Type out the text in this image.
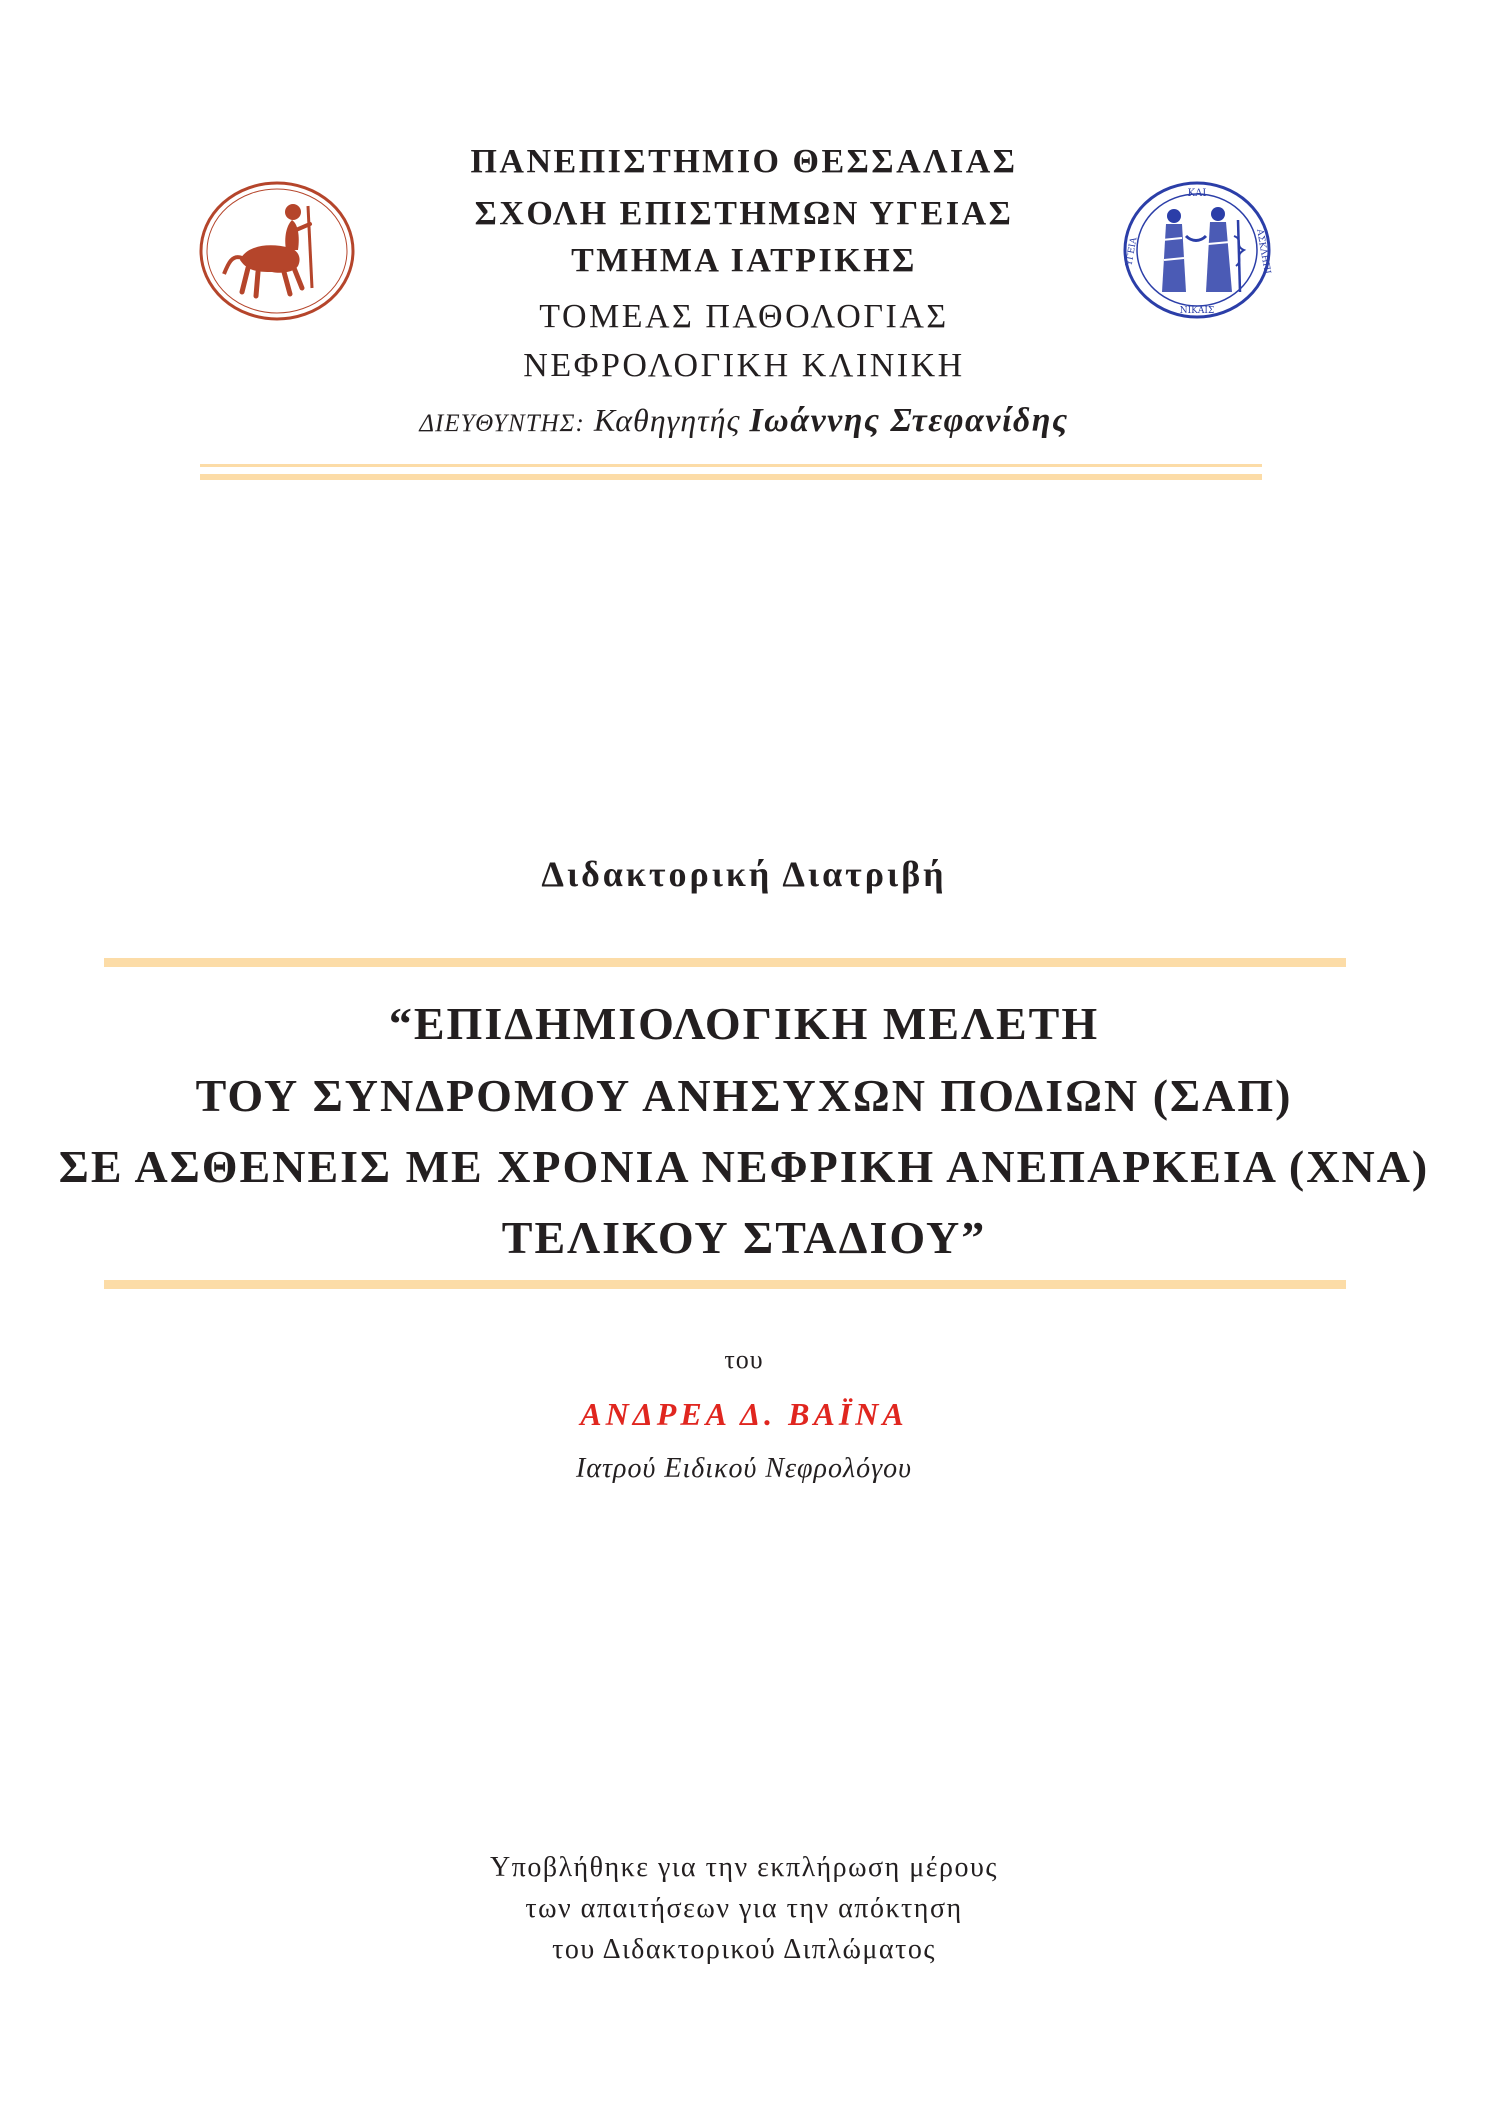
ΚΑΙ
ΥΓΕΙΑ	ΑΣΚΛΗΠΙ
ΝΙΚΑΙΣ
ΠΑΝΕΠΙΣΤΗΜΙΟ ΘΕΣΣΑΛΙΑΣ
ΣΧΟΛΗ ΕΠΙΣΤΗΜΩΝ ΥΓΕΙΑΣ
ΤΜΗΜΑ ΙΑΤΡΙΚΗΣ
ΤΟΜΕΑΣ ΠΑΘΟΛΟΓΙΑΣ
ΝΕΦΡΟΛΟΓΙΚΗ ΚΛΙΝΙΚΗ
ΔΙΕΥΘΥΝΤΗΣ: Καθηγητής Ιωάννης Στεφανίδης
Διδακτορική Διατριβή
“ΕΠΙΔΗΜΙΟΛΟΓΙΚΗ ΜΕΛΕΤΗ
ΤΟΥ ΣΥΝΔΡΟΜΟΥ ΑΝΗΣΥΧΩΝ ΠΟΔΙΩΝ (ΣΑΠ)
ΣΕ ΑΣΘΕΝΕΙΣ ΜΕ ΧΡΟΝΙΑ ΝΕΦΡΙΚΗ ΑΝΕΠΑΡΚΕΙΑ (ΧΝΑ)
ΤΕΛΙΚΟΥ ΣΤΑΔΙΟΥ”
του
ΑΝΔΡΕΑ Δ. ΒΑΪΝΑ
Ιατρού Ειδικού Νεφρολόγου
Υποβλήθηκε για την εκπλήρωση μέρους
των απαιτήσεων για την απόκτηση
του Διδακτορικού Διπλώματος
